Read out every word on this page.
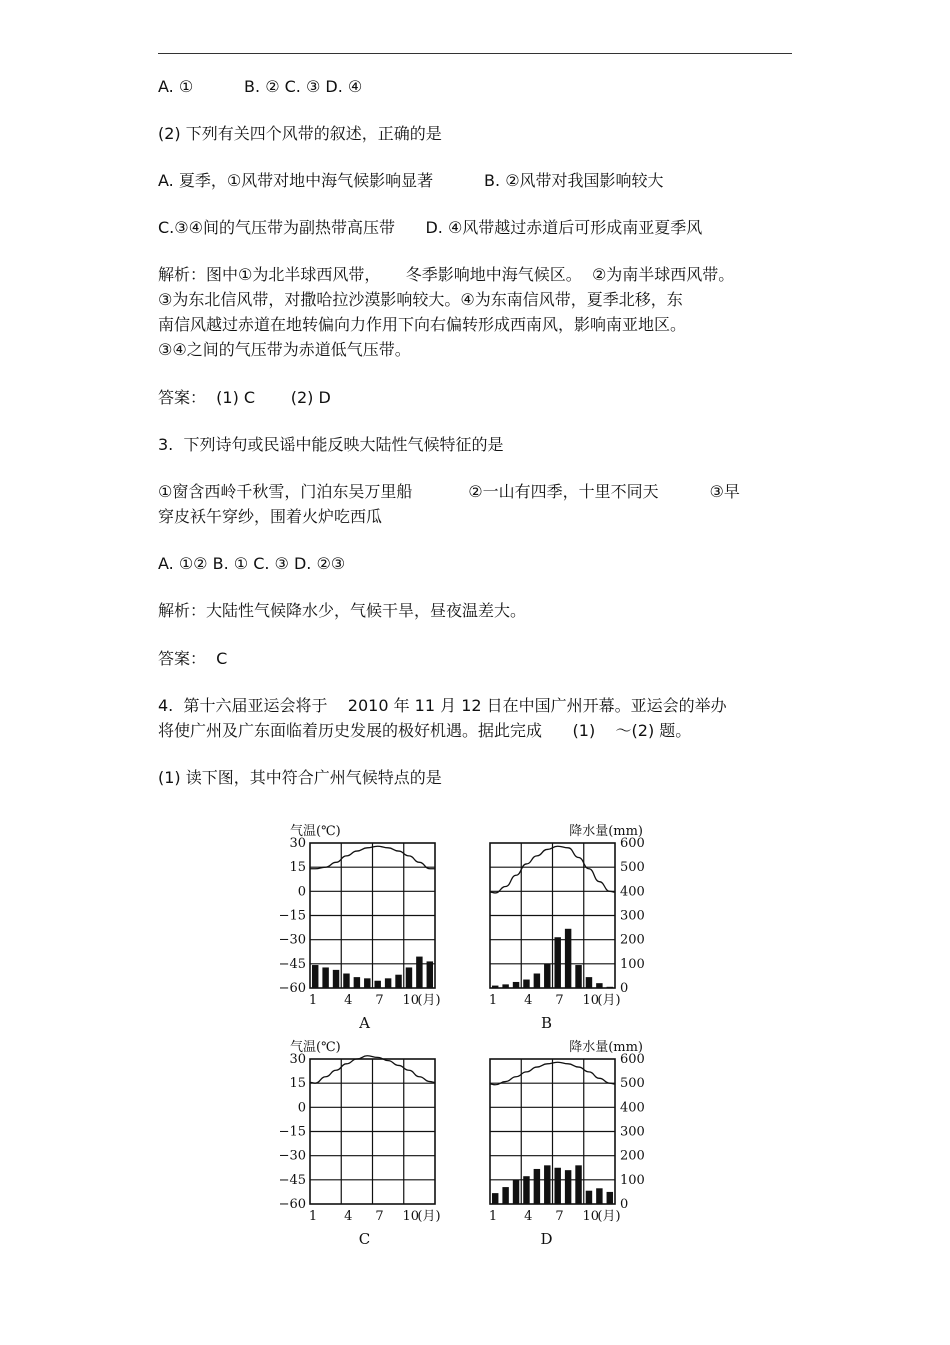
A. ①          B. ② C. ③ D. ④
(2) 下列有关四个风带的叙述，正确的是
A. 夏季，①风带对地中海气候影响显著          B. ②风带对我国影响较大
C.③④间的气压带为副热带高压带      D. ④风带越过赤道后可形成南亚夏季风
解析：图中①为北半球西风带，     冬季影响地中海气候区。  ②为南半球西风带。
③为东北信风带，对撒哈拉沙漠影响较大。④为东南信风带，夏季北移，东
南信风越过赤道在地转偏向力作用下向右偏转形成西南风，影响南亚地区。
③④之间的气压带为赤道低气压带。
答案：  (1) C       (2) D
3.  下列诗句或民谣中能反映大陆性气候特征的是
①窗含西岭千秋雪，门泊东吴万里船           ②一山有四季，十里不同天          ③早
穿皮袄午穿纱，围着火炉吃西瓜
A. ①② B. ① C. ③ D. ②③
解析：大陆性气候降水少，气候干旱，昼夜温差大。
答案：  C
4.  第十六届亚运会将于    2010 年 11 月 12 日在中国广州开幕。亚运会的举办
将使广州及广东面临着历史发展的极好机遇。据此完成      (1)    ～(2) 题。
(1) 读下图，其中符合广州气候特点的是
1 4 7 10
(月)
A
气温(℃)
30
15
0
−15
−30
−45
−60
1 4 7 10
(月)
B
降水量(mm)
600
500
400
300
200
100
0
1 4 7 10
(月)
C
气温(℃)
30
15
0
−15
−30
−45
−60
1 4 7 10
(月)
D
降水量(mm)
600
500
400
300
200
100
0
